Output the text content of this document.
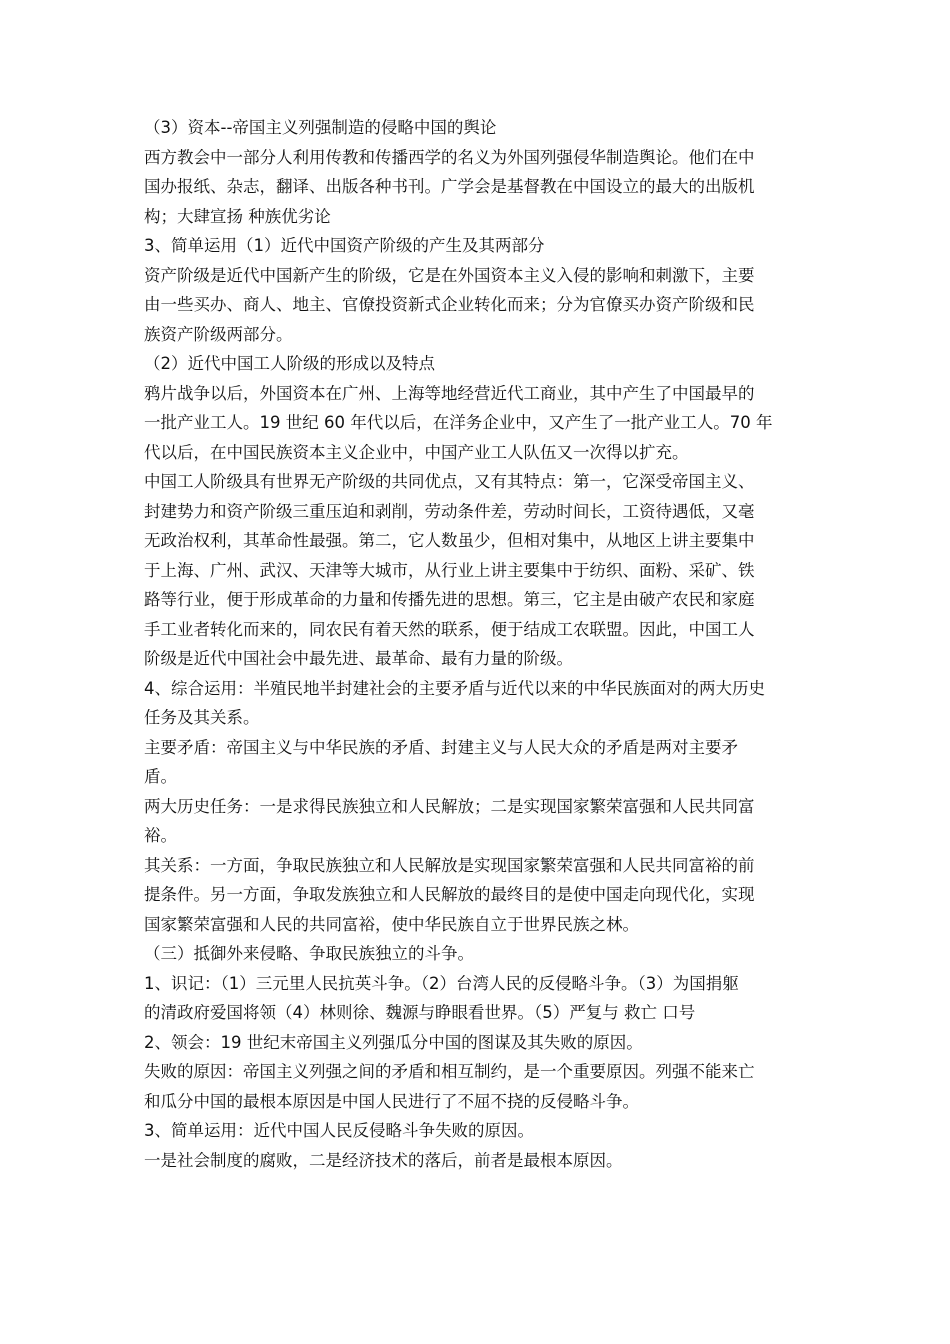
（3）资本--帝国主义列强制造的侵略中国的舆论
西方教会中一部分人利用传教和传播西学的名义为外国列强侵华制造舆论。他们在中
国办报纸、杂志，翻译、出版各种书刊。广学会是基督教在中国设立的最大的出版机
构；大肆宣扬 种族优劣论
3、简单运用（1）近代中国资产阶级的产生及其两部分
资产阶级是近代中国新产生的阶级，它是在外国资本主义入侵的影响和刺激下，主要
由一些买办、商人、地主、官僚投资新式企业转化而来；分为官僚买办资产阶级和民
族资产阶级两部分。
（2）近代中国工人阶级的形成以及特点
鸦片战争以后，外国资本在广州、上海等地经营近代工商业，其中产生了中国最早的
一批产业工人。19 世纪 60 年代以后，在洋务企业中，又产生了一批产业工人。70 年
代以后，在中国民族资本主义企业中，中国产业工人队伍又一次得以扩充。
中国工人阶级具有世界无产阶级的共同优点，又有其特点：第一，它深受帝国主义、
封建势力和资产阶级三重压迫和剥削，劳动条件差，劳动时间长，工资待遇低，又毫
无政治权利，其革命性最强。第二，它人数虽少，但相对集中，从地区上讲主要集中
于上海、广州、武汉、天津等大城市，从行业上讲主要集中于纺织、面粉、采矿、铁
路等行业，便于形成革命的力量和传播先进的思想。第三，它主是由破产农民和家庭
手工业者转化而来的，同农民有着天然的联系，便于结成工农联盟。因此，中国工人
阶级是近代中国社会中最先进、最革命、最有力量的阶级。
4、综合运用：半殖民地半封建社会的主要矛盾与近代以来的中华民族面对的两大历史
任务及其关系。
主要矛盾：帝国主义与中华民族的矛盾、封建主义与人民大众的矛盾是两对主要矛
盾。
两大历史任务：一是求得民族独立和人民解放；二是实现国家繁荣富强和人民共同富
裕。
其关系：一方面，争取民族独立和人民解放是实现国家繁荣富强和人民共同富裕的前
提条件。另一方面，争取发族独立和人民解放的最终目的是使中国走向现代化，实现
国家繁荣富强和人民的共同富裕，使中华民族自立于世界民族之林。
（三）抵御外来侵略、争取民族独立的斗争。
1、识记：（1）三元里人民抗英斗争。（2）台湾人民的反侵略斗争。（3）为国捐躯
的清政府爱国将领（4）林则徐、魏源与睁眼看世界。（5）严复与 救亡 口号
2、领会：19 世纪末帝国主义列强瓜分中国的图谋及其失败的原因。
失败的原因：帝国主义列强之间的矛盾和相互制约，是一个重要原因。列强不能来亡
和瓜分中国的最根本原因是中国人民进行了不屈不挠的反侵略斗争。
3、简单运用：近代中国人民反侵略斗争失败的原因。
一是社会制度的腐败，二是经济技术的落后，前者是最根本原因。
